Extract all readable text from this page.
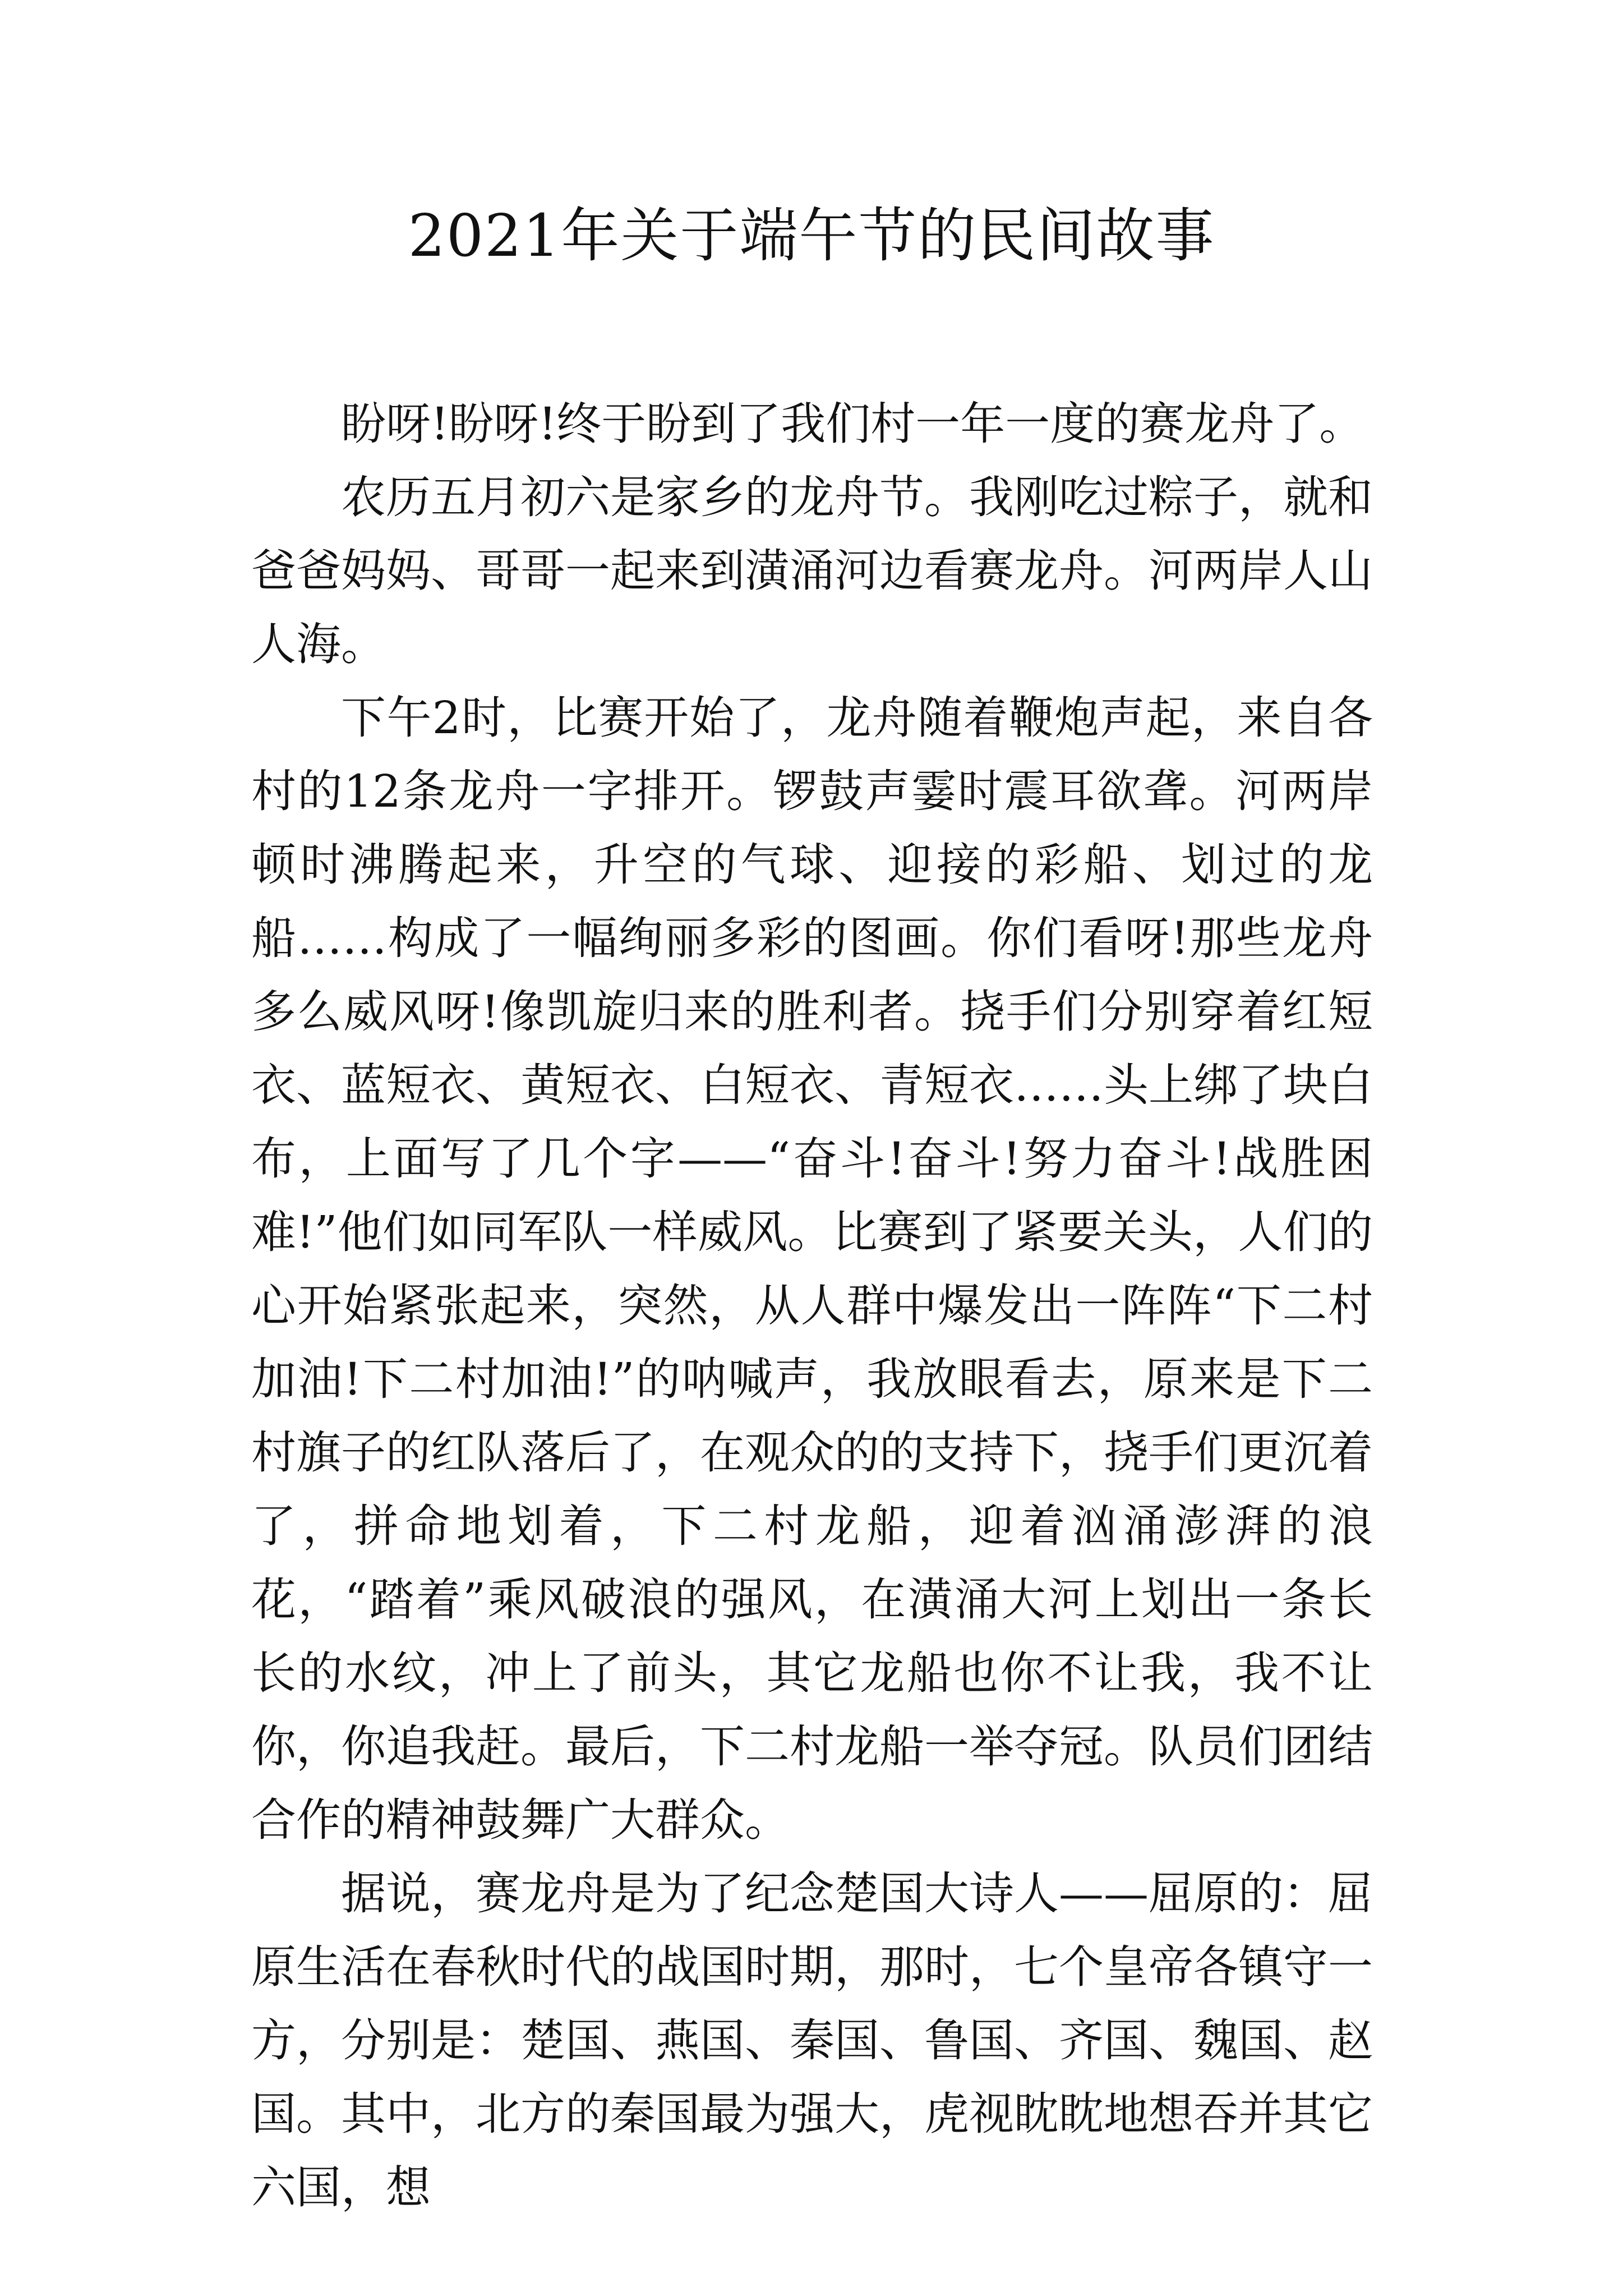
2021年关于端午节的民间故事

盼呀!盼呀!终于盼到了我们村一年一度的赛龙舟了。

农历五月初六是家乡的龙舟节。我刚吃过粽子，就和爸爸妈妈、哥哥一起来到潢涌河边看赛龙舟。河两岸人山人海。

下午2时，比赛开始了，龙舟随着鞭炮声起，来自各村的12条龙舟一字排开。锣鼓声霎时震耳欲聋。河两岸顿时沸腾起来，升空的气球、迎接的彩船、划过的龙船……构成了一幅绚丽多彩的图画。你们看呀!那些龙舟多么威风呀!像凯旋归来的胜利者。挠手们分别穿着红短衣、蓝短衣、黄短衣、白短衣、青短衣……头上绑了块白布，上面写了几个字——“奋斗!奋斗!努力奋斗!战胜困难!”他们如同军队一样威风。比赛到了紧要关头，人们的心开始紧张起来，突然，从人群中爆发出一阵阵“下二村加油!下二村加油!”的呐喊声，我放眼看去，原来是下二村旗子的红队落后了，在观众的的支持下，挠手们更沉着了，拼命地划着，下二村龙船，迎着汹涌澎湃的浪花，“踏着”乘风破浪的强风，在潢涌大河上划出一条长长的水纹，冲上了前头，其它龙船也你不让我，我不让你，你追我赶。最后，下二村龙船一举夺冠。队员们团结合作的精神鼓舞广大群众。

据说，赛龙舟是为了纪念楚国大诗人——屈原的：屈原生活在春秋时代的战国时期，那时，七个皇帝各镇守一方，分别是：楚国、燕国、秦国、鲁国、齐国、魏国、赵国。其中，北方的秦国最为强大，虎视眈眈地想吞并其它六国，想
